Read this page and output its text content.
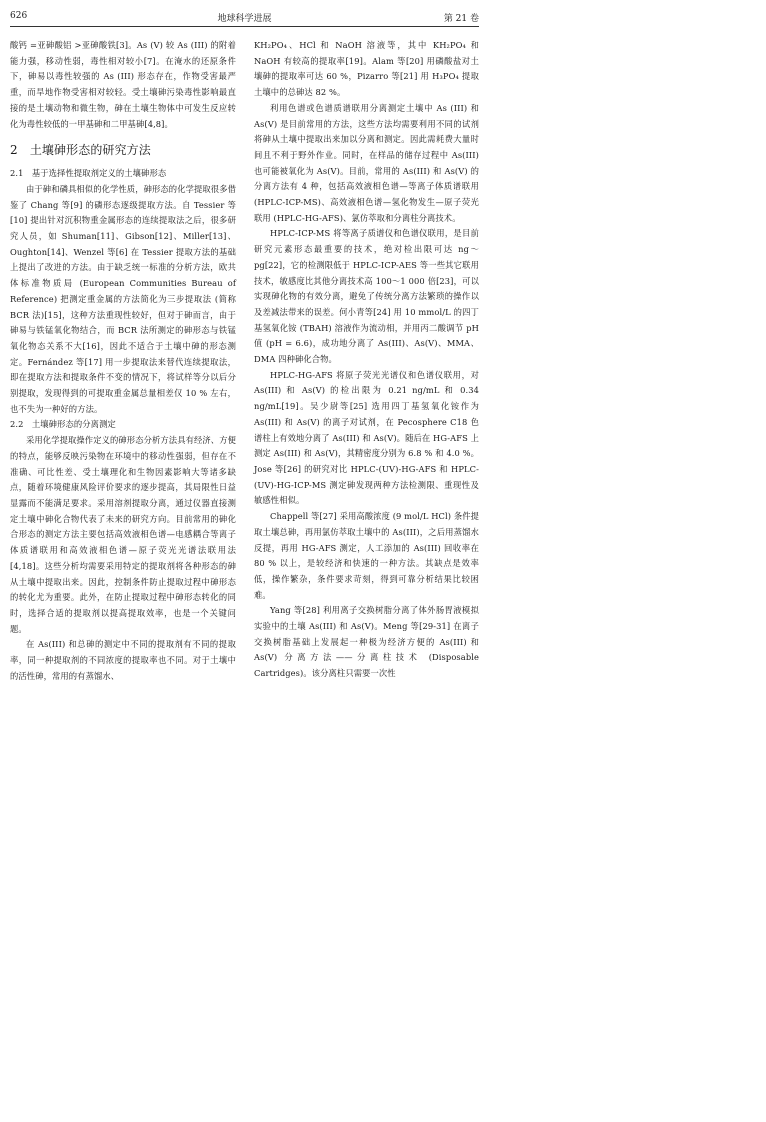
626	地球科学进展	第 21 卷

酸钙 =亚砷酸铝 >亚砷酸铁[3]。As (V) 较 As (III) 的附着能力强，移动性弱，毒性相对较小[7]。在淹水的还原条件下，砷易以毒性较强的 As (III) 形态存在，作物受害最严重，而旱地作物受害相对较轻。受土壤砷污染毒性影响最直接的是土壤动物和微生物，砷在土壤生物体中可发生反应转化为毒性较低的一甲基砷和二甲基砷[4,8]。

2　土壤砷形态的研究方法
2.1　基于选择性提取剂定义的土壤砷形态

由于砷和磷具相似的化学性质，砷形态的化学提取很多借鉴了 Chang 等[9] 的磷形态逐级提取方法。自 Tessier 等[10] 提出针对沉积物重金属形态的连续提取法之后，很多研究人员，如 Shuman[11]、Gibson[12]、Miller[13]、Oughton[14]、Wenzel 等[6] 在 Tessier 提取方法的基础上提出了改进的方法。由于缺乏统一标准的分析方法，欧共体标准物质局 (European Communities Bureau of Reference) 把测定重金属的方法简化为三步提取法 (简称 BCR 法)[15]，这种方法重现性较好，但对于砷而言，由于砷易与铁锰氧化物结合，而 BCR 法所测定的砷形态与铁锰氧化物态关系不大[16]，因此不适合于土壤中砷的形态测定。Fernández 等[17] 用一步提取法来替代连续提取法，即在提取方法和提取条件不变的情况下，将试样等分以后分别提取，发现得到的可提取重金属总量相差仅 10 % 左右，也不失为一种好的方法。

2.2　土壤砷形态的分离测定

采用化学提取操作定义的砷形态分析方法具有经济、方便的特点，能够反映污染物在环境中的移动性强弱，但存在不准确、可比性差、受土壤理化和生物因素影响大等诸多缺点，随着环境健康风险评价要求的逐步提高，其局限性日益显露而不能满足要求。采用溶剂提取分离，通过仪器直接测定土壤中砷化合物代表了未来的研究方向。目前常用的砷化合形态的测定方法主要包括高效液相色谱—电感耦合等离子体质谱联用和高效液相色谱—原子荧光光谱法联用法[4,18]。这些分析均需要采用特定的提取剂将各种形态的砷从土壤中提取出来。因此，控制条件防止提取过程中砷形态的转化尤为重要。此外，在防止提取过程中砷形态转化的同时，选择合适的提取剂以提高提取效率，也是一个关键问题。

在 As(III) 和总砷的测定中不同的提取剂有不同的提取率，同一种提取剂的不同浓度的提取率也不同。对于土壤中的活性砷，常用的有蒸馏水、

KH₂PO₄、HCl 和 NaOH 溶液等，其中 KH₂PO₄ 和 NaOH 有较高的提取率[19]。Alam 等[20] 用磷酸盐对土壤砷的提取率可达 60 %，Pizarro 等[21] 用 H₃PO₄ 提取土壤中的总砷达 82 %。

利用色谱或色谱质谱联用分离测定土壤中 As (III) 和 As(V) 是目前常用的方法，这些方法均需要利用不同的试剂将砷从土壤中提取出来加以分离和测定。因此需耗费大量时间且不利于野外作业。同时，在样品的储存过程中 As(III) 也可能被氧化为 As(V)。目前，常用的 As(III) 和 As(V) 的分离方法有 4 种，包括高效液相色谱—等离子体质谱联用 (HPLC-ICP-MS)、高效液相色谱—氢化物发生—原子荧光联用 (HPLC-HG-AFS)、氯仿萃取和分离柱分离技术。

HPLC-ICP-MS 将等离子质谱仪和色谱仪联用，是目前研究元素形态最重要的技术，绝对检出限可达 ng～pg[22]，它的检测限低于 HPLC-ICP-AES 等一些其它联用技术，敏感度比其他分离技术高 100～1 000 倍[23]，可以实现砷化物的有效分离，避免了传统分离方法繁琐的操作以及差减法带来的误差。何小青等[24] 用 10 mmol/L 的四丁基氢氧化铵 (TBAH) 溶液作为流动相，并用丙二酸调节 pH 值 (pH = 6.6)，成功地分离了 As(III)、As(V)、MMA、DMA 四种砷化合物。

HPLC-HG-AFS 将原子荧光光谱仪和色谱仪联用，对 As(III) 和 As(V) 的检出限为 0.21 ng/mL 和 0.34 ng/mL[19]。吴少尉等[25] 选用四丁基氢氧化铵作为 As(III) 和 As(V) 的离子对试剂，在 Pecosphere C18 色谱柱上有效地分离了 As(III) 和 As(V)。随后在 HG-AFS 上测定 As(III) 和 As(V)，其精密度分别为 6.8 % 和 4.0 %。Jose 等[26] 的研究对比 HPLC-(UV)-HG-AFS 和 HPLC-(UV)-HG-ICP-MS 测定砷发现两种方法检测限、重现性及敏感性相似。

Chappell 等[27] 采用高酸浓度 (9 mol/L HCl) 条件提取土壤总砷，再用氯仿萃取土壤中的 As(III)，之后用蒸馏水反提，再用 HG-AFS 测定，人工添加的 As(III) 回收率在 80 % 以上，是较经济和快速的一种方法。其缺点是效率低，操作繁杂，条件要求苛刻，得到可靠分析结果比较困难。

Yang 等[28] 利用离子交换树脂分离了体外肠胃液模拟实验中的土壤 As(III) 和 As(V)。Meng 等[29-31] 在离子交换树脂基础上发展起一种极为经济方便的 As(III) 和 As(V) 分离方法——分离柱技术 (Disposable Cartridges)。该分离柱只需要一次性
